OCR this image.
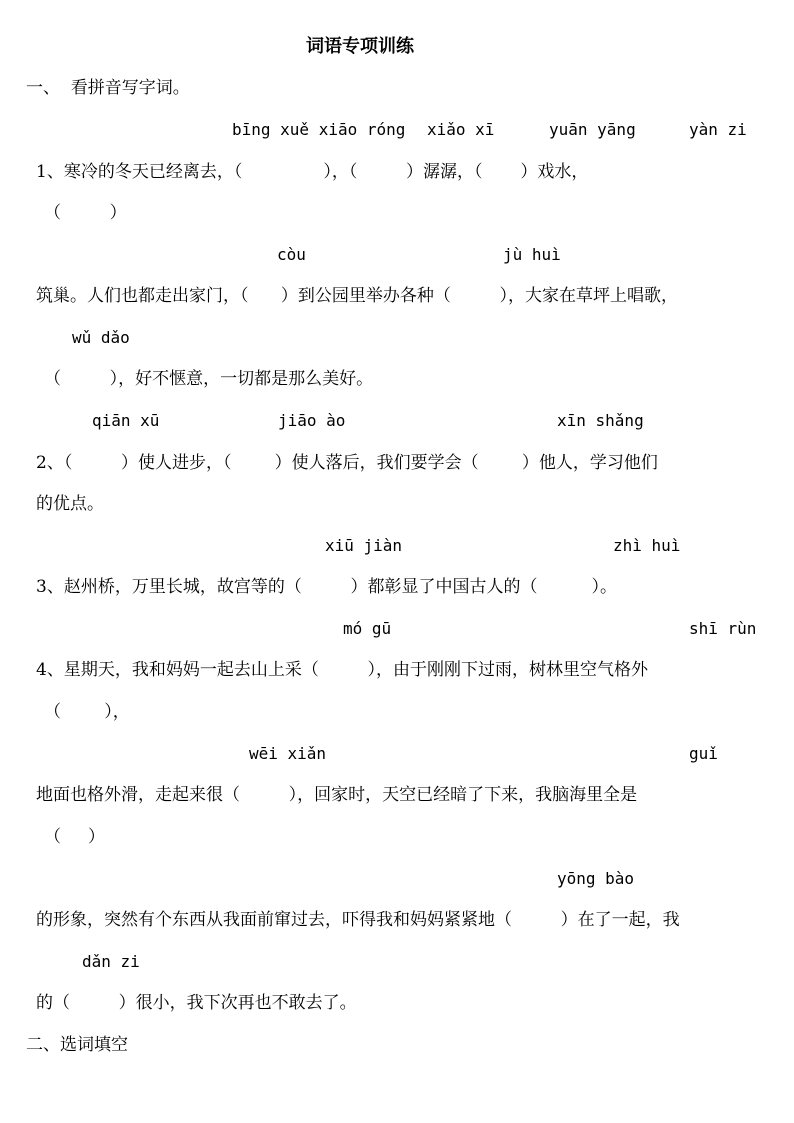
词语专项训练
一、  看拼音写字词。
bīng xuě xiāo róng xiǎo xī	yuān yāng	yàn zi
1、寒冷的冬天已经离去，（               ），（         ）潺潺，（       ）戏水，
（         ）
còu	jù huì
筑巢。人们也都走出家门，（      ）到公园里举办各种（         ），大家在草坪上唱歌，
wǔ dǎo
（         ），好不惬意，一切都是那么美好。
qiān xū	jiāo ào	xīn shǎng
2、（         ）使人进步，（        ）使人落后，我们要学会（        ）他人，学习他们
的优点。
xiū jiàn	zhì huì
3、赵州桥，万里长城，故宫等的（         ）都彰显了中国古人的（          ）。
mó gū	shī rùn
4、星期天，我和妈妈一起去山上采（         ），由于刚刚下过雨，树林里空气格外
（        ），
wēi xiǎn	guǐ
地面也格外滑，走起来很（         ），回家时，天空已经暗了下来，我脑海里全是
（     ）
yōng bào
的形象，突然有个东西从我面前窜过去，吓得我和妈妈紧紧地（         ）在了一起，我
dǎn zi
的（         ）很小，我下次再也不敢去了。
二、选词填空
